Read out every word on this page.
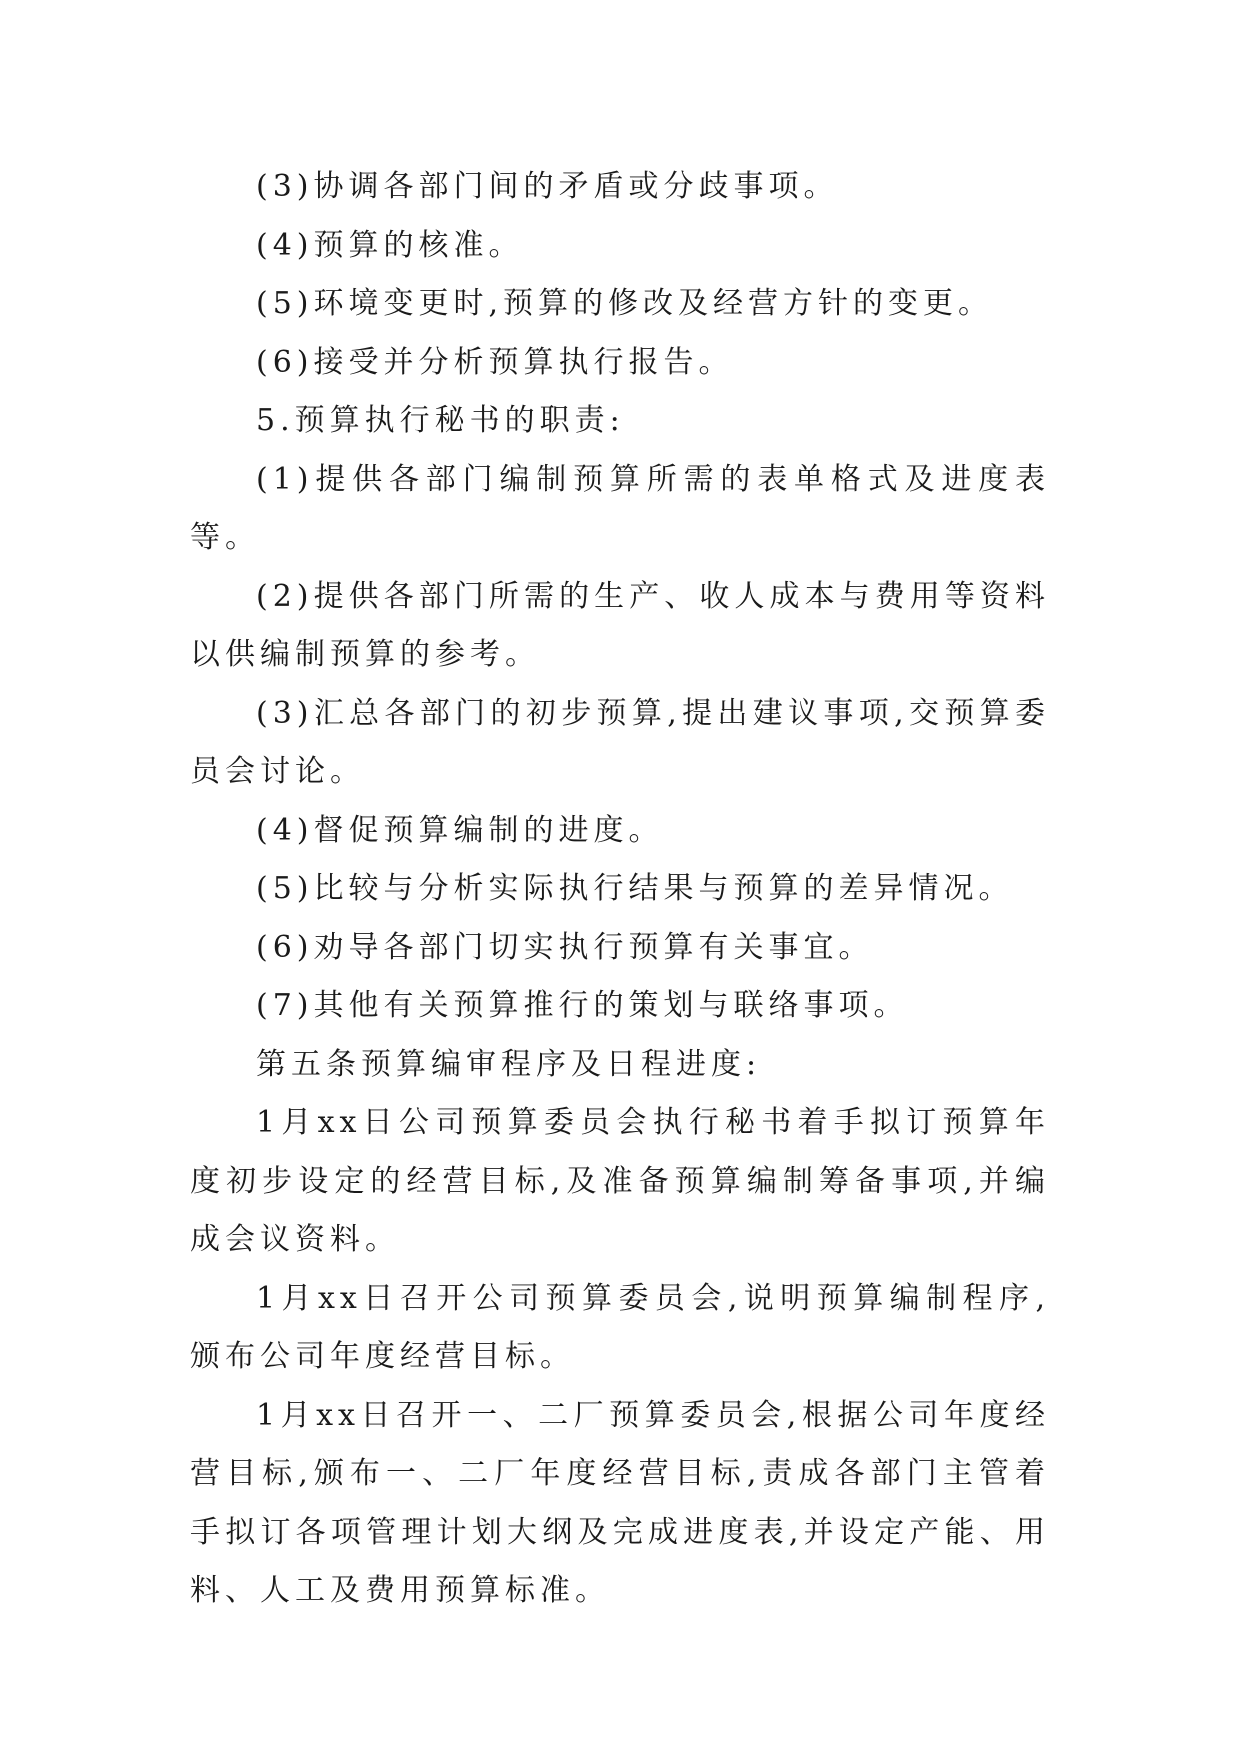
(3)协调各部门间的矛盾或分歧事项。

(4)预算的核准。

(5)环境变更时,预算的修改及经营方针的变更。

(6)接受并分析预算执行报告。

5.预算执行秘书的职责:

(1)提供各部门编制预算所需的表单格式及进度表等。

(2)提供各部门所需的生产、收人成本与费用等资料以供编制预算的参考。

(3)汇总各部门的初步预算,提出建议事项,交预算委员会讨论。

(4)督促预算编制的进度。

(5)比较与分析实际执行结果与预算的差异情况。

(6)劝导各部门切实执行预算有关事宜。

(7)其他有关预算推行的策划与联络事项。

第五条预算编审程序及日程进度:

1月xx日公司预算委员会执行秘书着手拟订预算年度初步设定的经营目标,及准备预算编制筹备事项,并编成会议资料。

1月xx日召开公司预算委员会,说明预算编制程序,颁布公司年度经营目标。

1月xx日召开一、二厂预算委员会,根据公司年度经营目标,颁布一、二厂年度经营目标,责成各部门主管着手拟订各项管理计划大纲及完成进度表,并设定产能、用料、人工及费用预算标准。
